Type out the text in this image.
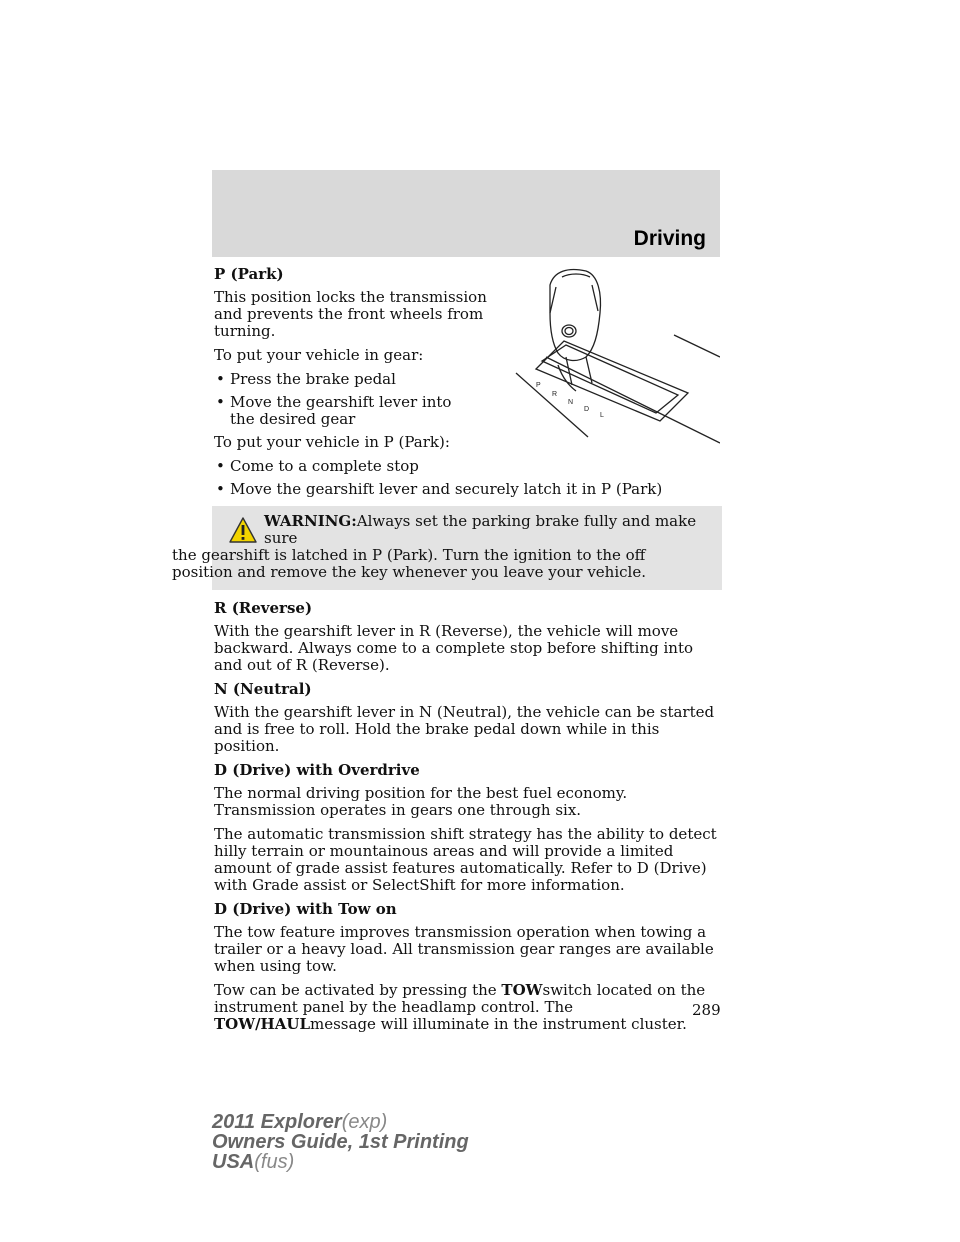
Driving
P
R
N
D
L

P (Park)

This position locks the transmission and prevents the front wheels from turning.

To put your vehicle in gear:

• Press the brake pedal
• Move the gearshift lever into the desired gear

To put your vehicle in P (Park):

• Come to a complete stop
• Move the gearshift lever and securely latch it in P (Park)
WARNING:Always set the parking brake fully and make sure
the gearshift is latched in P (Park). Turn the ignition to the off position and remove the key whenever you leave your vehicle.

R (Reverse)

With the gearshift lever in R (Reverse), the vehicle will move backward. Always come to a complete stop before shifting into and out of R (Reverse).

N (Neutral)

With the gearshift lever in N (Neutral), the vehicle can be started and is free to roll. Hold the brake pedal down while in this position.

D (Drive) with Overdrive

The normal driving position for the best fuel economy. Transmission operates in gears one through six.

The automatic transmission shift strategy has the ability to detect hilly terrain or mountainous areas and will provide a limited amount of grade assist features automatically. Refer to D (Drive) with Grade assist or SelectShift for more information.

D (Drive) with Tow on

The tow feature improves transmission operation when towing a trailer or a heavy load. All transmission gear ranges are available when using tow.

Tow can be activated by pressing the TOWswitch located on the instrument panel by the headlamp control. The TOW/HAULmessage will illuminate in the instrument cluster.

289
2011 Explorer(exp)
Owners Guide, 1st Printing
USA(fus)
